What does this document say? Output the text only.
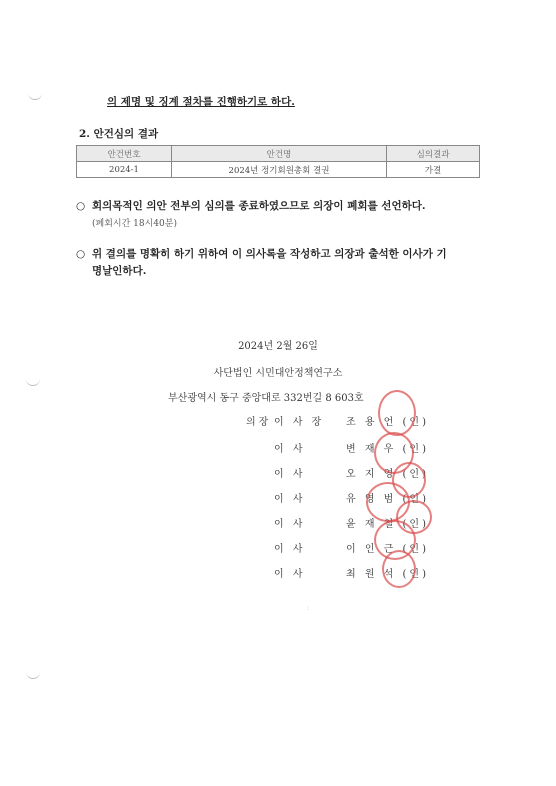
의 제명 및 징계 절차를 진행하기로 하다.
2. 안건심의 결과
안건번호	안건명	심의결과
2024-1	2024년 정기회원총회 결권	가결
○ 회의목적인 의안 전부의 심의를 종료하였으므로 의장이 폐회를 선언하다.
(폐회시간 18시40분)
○ 위 결의를 명확히 하기 위하여 이 의사록을 작성하고 의장과 출석한 이사가 기
명날인하다.
2024년 2월 26일
사단법인 시민대안정책연구소
부산광역시 동구 중앙대로 332번길 8 603호
의장 이 사 장 조 용 언 (인)
이 사	변 재 우 (인)
이 사	오 지 영 (인)
이 사	유 영 범 (인)
이 사	윤 재 철 (인)
이 사	이 인 근 (인)
이 사	최 원 석 (인)
:
